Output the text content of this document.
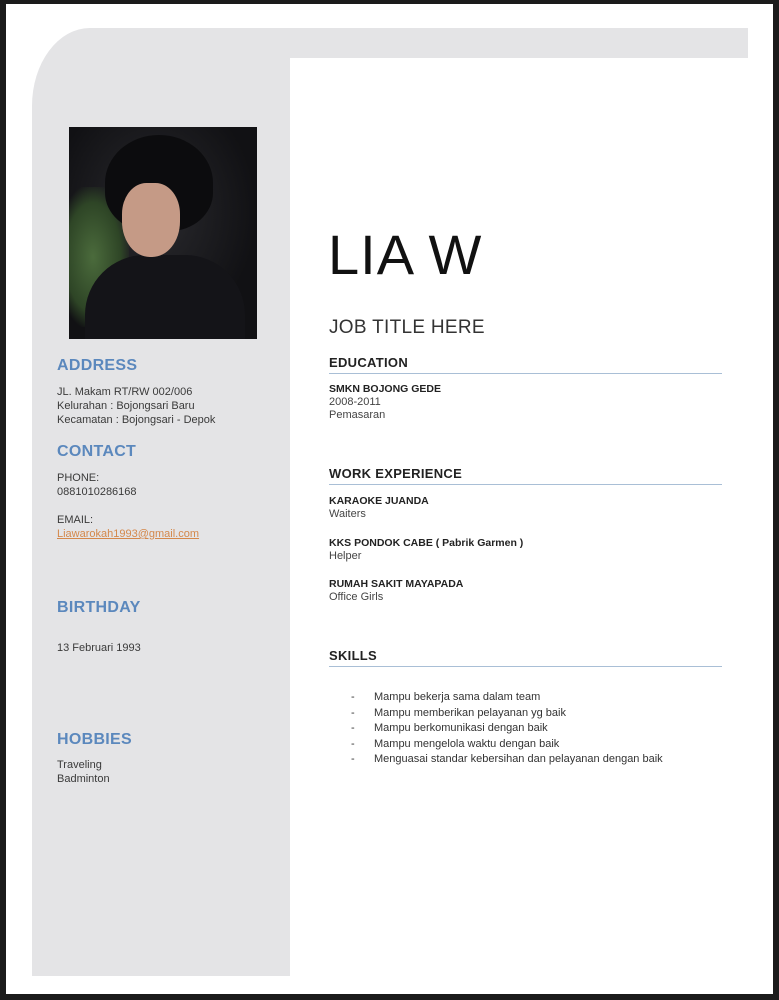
ADDRESS
JL. Makam RT/RW 002/006
Kelurahan : Bojongsari Baru
Kecamatan : Bojongsari - Depok
CONTACT
PHONE:
0881010286168
EMAIL:
Liawarokah1993@gmail.com
BIRTHDAY
13 Februari 1993
HOBBIES
Traveling
Badminton
LIA W
JOB TITLE HERE
EDUCATION
SMKN BOJONG GEDE
2008-2011
Pemasaran
WORK EXPERIENCE
KARAOKE JUANDA
Waiters
KKS PONDOK CABE ( Pabrik Garmen )
Helper
RUMAH SAKIT MAYAPADA
Office Girls
SKILLS
- Mampu bekerja sama dalam team
- Mampu memberikan pelayanan yg baik
- Mampu berkomunikasi dengan baik
- Mampu mengelola waktu dengan baik
- Menguasai standar kebersihan dan pelayanan dengan baik
